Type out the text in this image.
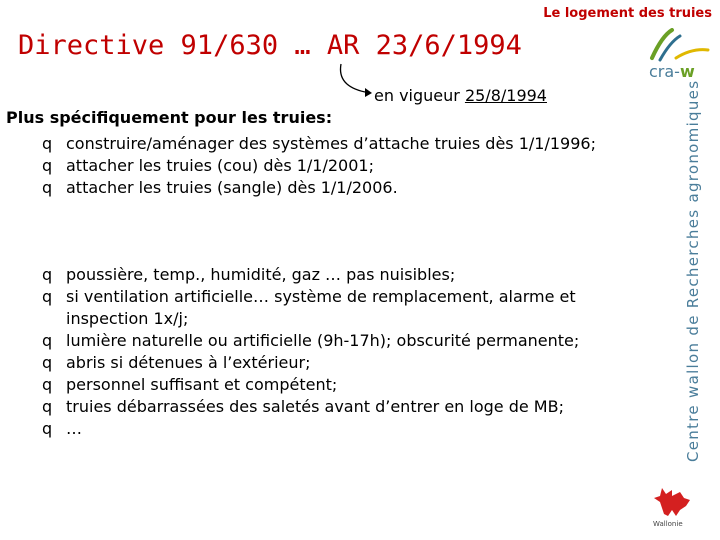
Le logement des truies
Directive 91/630 … AR 23/6/1994
en vigueur 25/8/1994
Plus spécifiquement pour les truies:
q construire/aménager des systèmes d’attache truies dès 1/1/1996;
q attacher les truies (cou) dès 1/1/2001;
q attacher les truies (sangle) dès 1/1/2006.
q poussière, temp., humidité, gaz … pas nuisibles;
q si ventilation artificielle… système de remplacement, alarme et inspection 1x/j;
q lumière naturelle ou artificielle (9h-17h); obscurité permanente;
q abris si détenues à l’extérieur;
q personnel suffisant et compétent;
q truies débarrassées des saletés avant d’entrer en loge de MB;
q …
cra-w
Centre wallon de Recherches agronomiques
Wallonie
